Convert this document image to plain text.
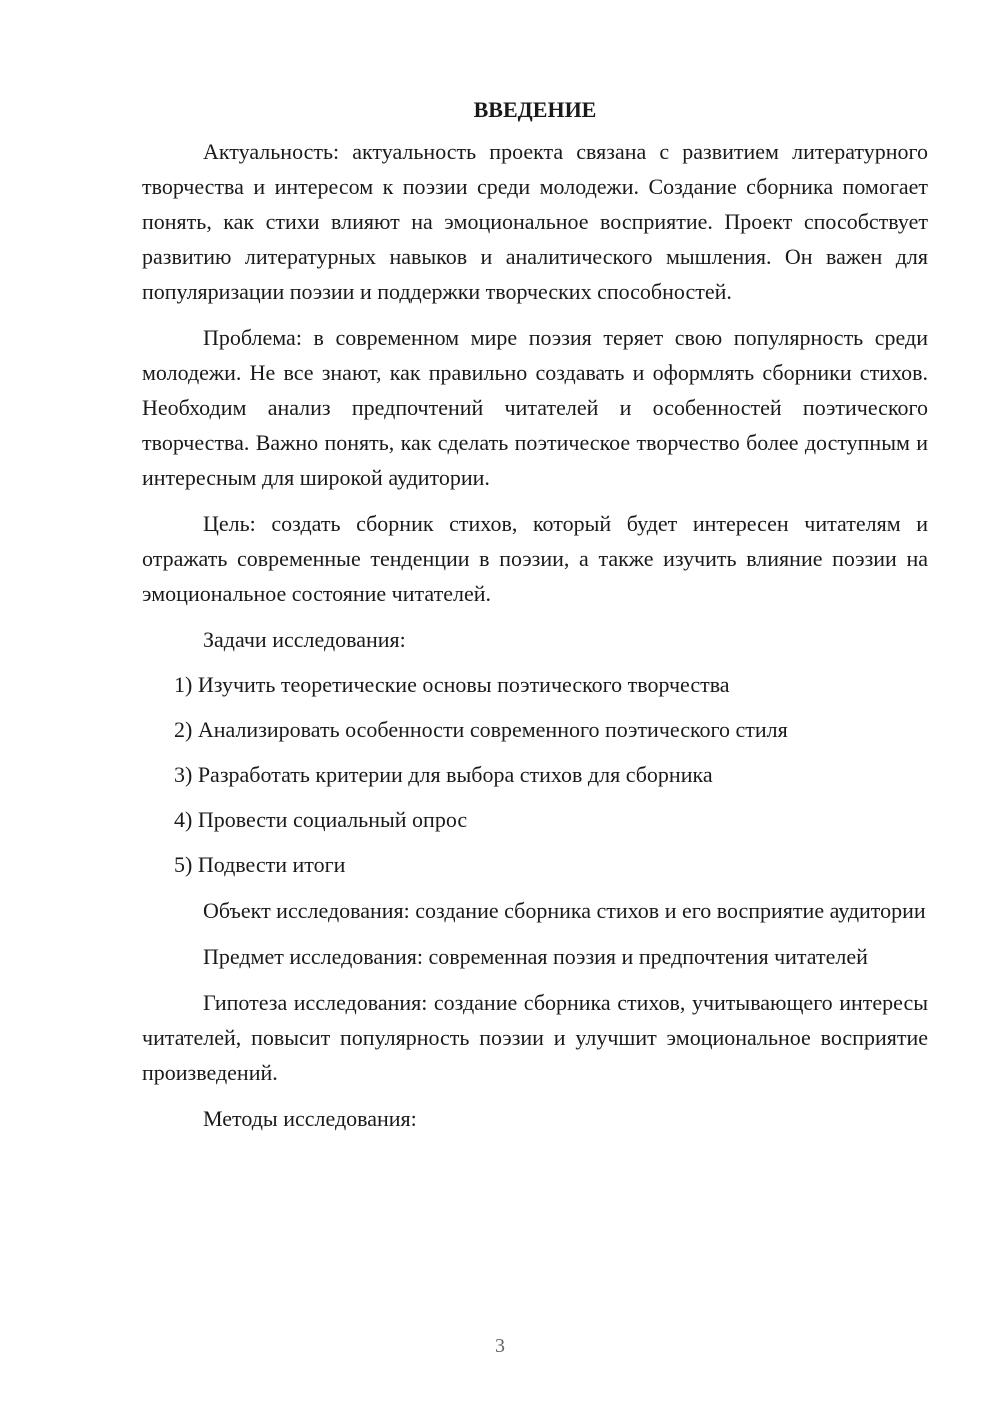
ВВЕДЕНИЕ

Актуальность: актуальность проекта связана с развитием литературного творчества и интересом к поэзии среди молодежи. Создание сборника помогает понять, как стихи влияют на эмоциональное восприятие. Проект способствует развитию литературных навыков и аналитического мышления. Он важен для популяризации поэзии и поддержки творческих способностей.

Проблема: в современном мире поэзия теряет свою популярность среди молодежи. Не все знают, как правильно создавать и оформлять сборники стихов. Необходим анализ предпочтений читателей и особенностей поэтического творчества. Важно понять, как сделать поэтическое творчество более доступным и интересным для широкой аудитории.

Цель: создать сборник стихов, который будет интересен читателям и отражать современные тенденции в поэзии, а также изучить влияние поэзии на эмоциональное состояние читателей.

Задачи исследования:

1) Изучить теоретические основы поэтического творчества
2) Анализировать особенности современного поэтического стиля
3) Разработать критерии для выбора стихов для сборника
4) Провести социальный опрос
5) Подвести итоги

Объект исследования: создание сборника стихов и его восприятие аудитории

Предмет исследования: современная поэзия и предпочтения читателей

Гипотеза исследования: создание сборника стихов, учитывающего интересы читателей, повысит популярность поэзии и улучшит эмоциональное восприятие произведений.

Методы исследования:

3
